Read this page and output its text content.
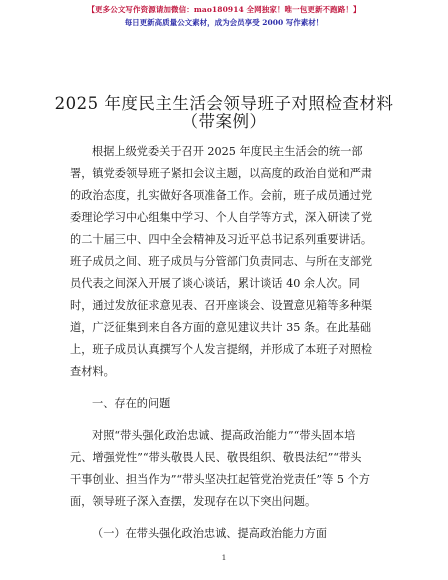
【更多公文写作资源请加微信：mao180914 全网独家！唯一包更新不跑路！】
每日更新高质量公文素材，成为会员享受 2000 写作素材！
2025 年度民主生活会领导班子对照检查材料
（带案例）
根据上级党委关于召开 2025 年度民主生活会的统一部
署，镇党委领导班子紧扣会议主题，以高度的政治自觉和严肃
的政治态度，扎实做好各项准备工作。会前，班子成员通过党
委理论学习中心组集中学习、个人自学等方式，深入研读了党
的二十届三中、四中全会精神及习近平总书记系列重要讲话。
班子成员之间、班子成员与分管部门负责同志、与所在支部党
员代表之间深入开展了谈心谈话，累计谈话 40 余人次。同
时，通过发放征求意见表、召开座谈会、设置意见箱等多种渠
道，广泛征集到来自各方面的意见建议共计 35 条。在此基础
上，班子成员认真撰写个人发言提纲，并形成了本班子对照检
查材料。
一、存在的问题
对照“带头强化政治忠诚、提高政治能力”“带头固本培
元、增强党性”“带头敬畏人民、敬畏组织、敬畏法纪”“带头
干事创业、担当作为”“带头坚决扛起管党治党责任”等 5 个方
面，领导班子深入查摆，发现存在以下突出问题。
（一）在带头强化政治忠诚、提高政治能力方面
1
